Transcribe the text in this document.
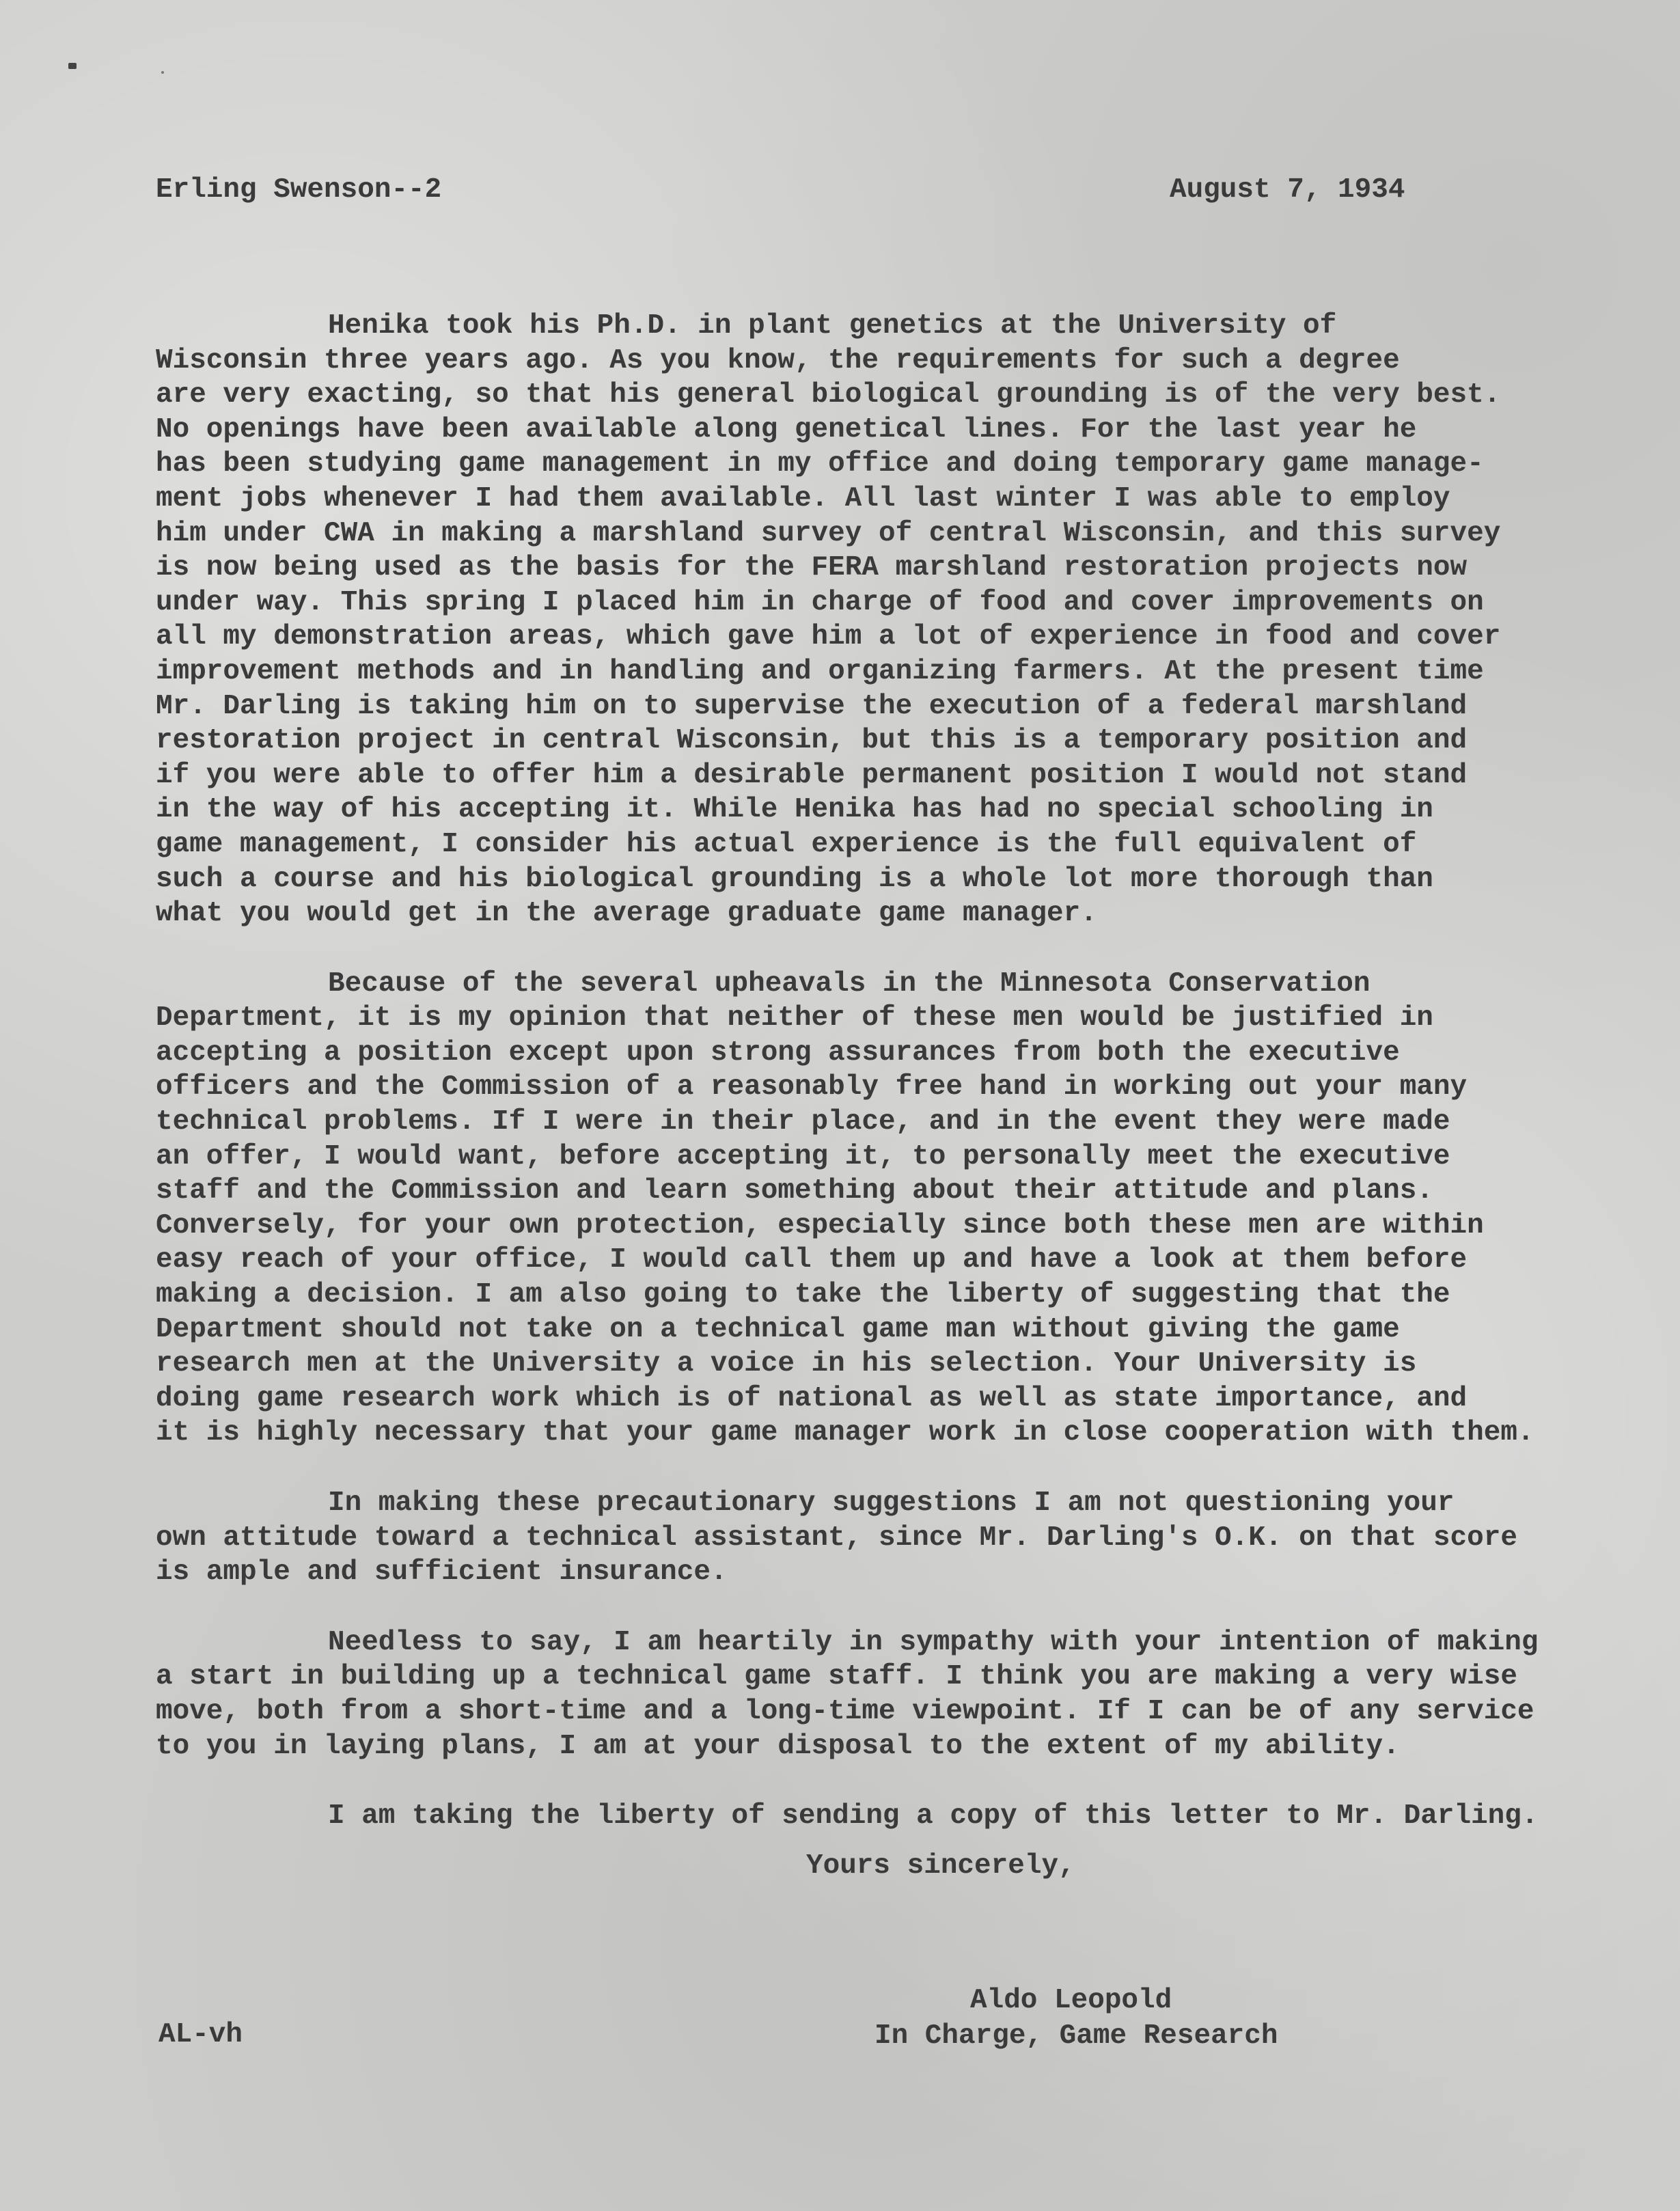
Erling Swenson--2	August 7, 1934
Henika took his Ph.D. in plant genetics at the University of
Wisconsin three years ago. As you know, the requirements for such a degree
are very exacting, so that his general biological grounding is of the very best.
No openings have been available along genetical lines. For the last year he
has been studying game management in my office and doing temporary game manage-
ment jobs whenever I had them available. All last winter I was able to employ
him under CWA in making a marshland survey of central Wisconsin, and this survey
is now being used as the basis for the FERA marshland restoration projects now
under way. This spring I placed him in charge of food and cover improvements on
all my demonstration areas, which gave him a lot of experience in food and cover
improvement methods and in handling and organizing farmers. At the present time
Mr. Darling is taking him on to supervise the execution of a federal marshland
restoration project in central Wisconsin, but this is a temporary position and
if you were able to offer him a desirable permanent position I would not stand
in the way of his accepting it. While Henika has had no special schooling in
game management, I consider his actual experience is the full equivalent of
such a course and his biological grounding is a whole lot more thorough than
what you would get in the average graduate game manager.
Because of the several upheavals in the Minnesota Conservation
Department, it is my opinion that neither of these men would be justified in
accepting a position except upon strong assurances from both the executive
officers and the Commission of a reasonably free hand in working out your many
technical problems. If I were in their place, and in the event they were made
an offer, I would want, before accepting it, to personally meet the executive
staff and the Commission and learn something about their attitude and plans.
Conversely, for your own protection, especially since both these men are within
easy reach of your office, I would call them up and have a look at them before
making a decision. I am also going to take the liberty of suggesting that the
Department should not take on a technical game man without giving the game
research men at the University a voice in his selection. Your University is
doing game research work which is of national as well as state importance, and
it is highly necessary that your game manager work in close cooperation with them.
In making these precautionary suggestions I am not questioning your
own attitude toward a technical assistant, since Mr. Darling's O.K. on that score
is ample and sufficient insurance.
Needless to say, I am heartily in sympathy with your intention of making
a start in building up a technical game staff. I think you are making a very wise
move, both from a short-time and a long-time viewpoint. If I can be of any service
to you in laying plans, I am at your disposal to the extent of my ability.
I am taking the liberty of sending a copy of this letter to Mr. Darling.
Yours sincerely,
Aldo Leopold
In Charge, Game Research
AL-vh
